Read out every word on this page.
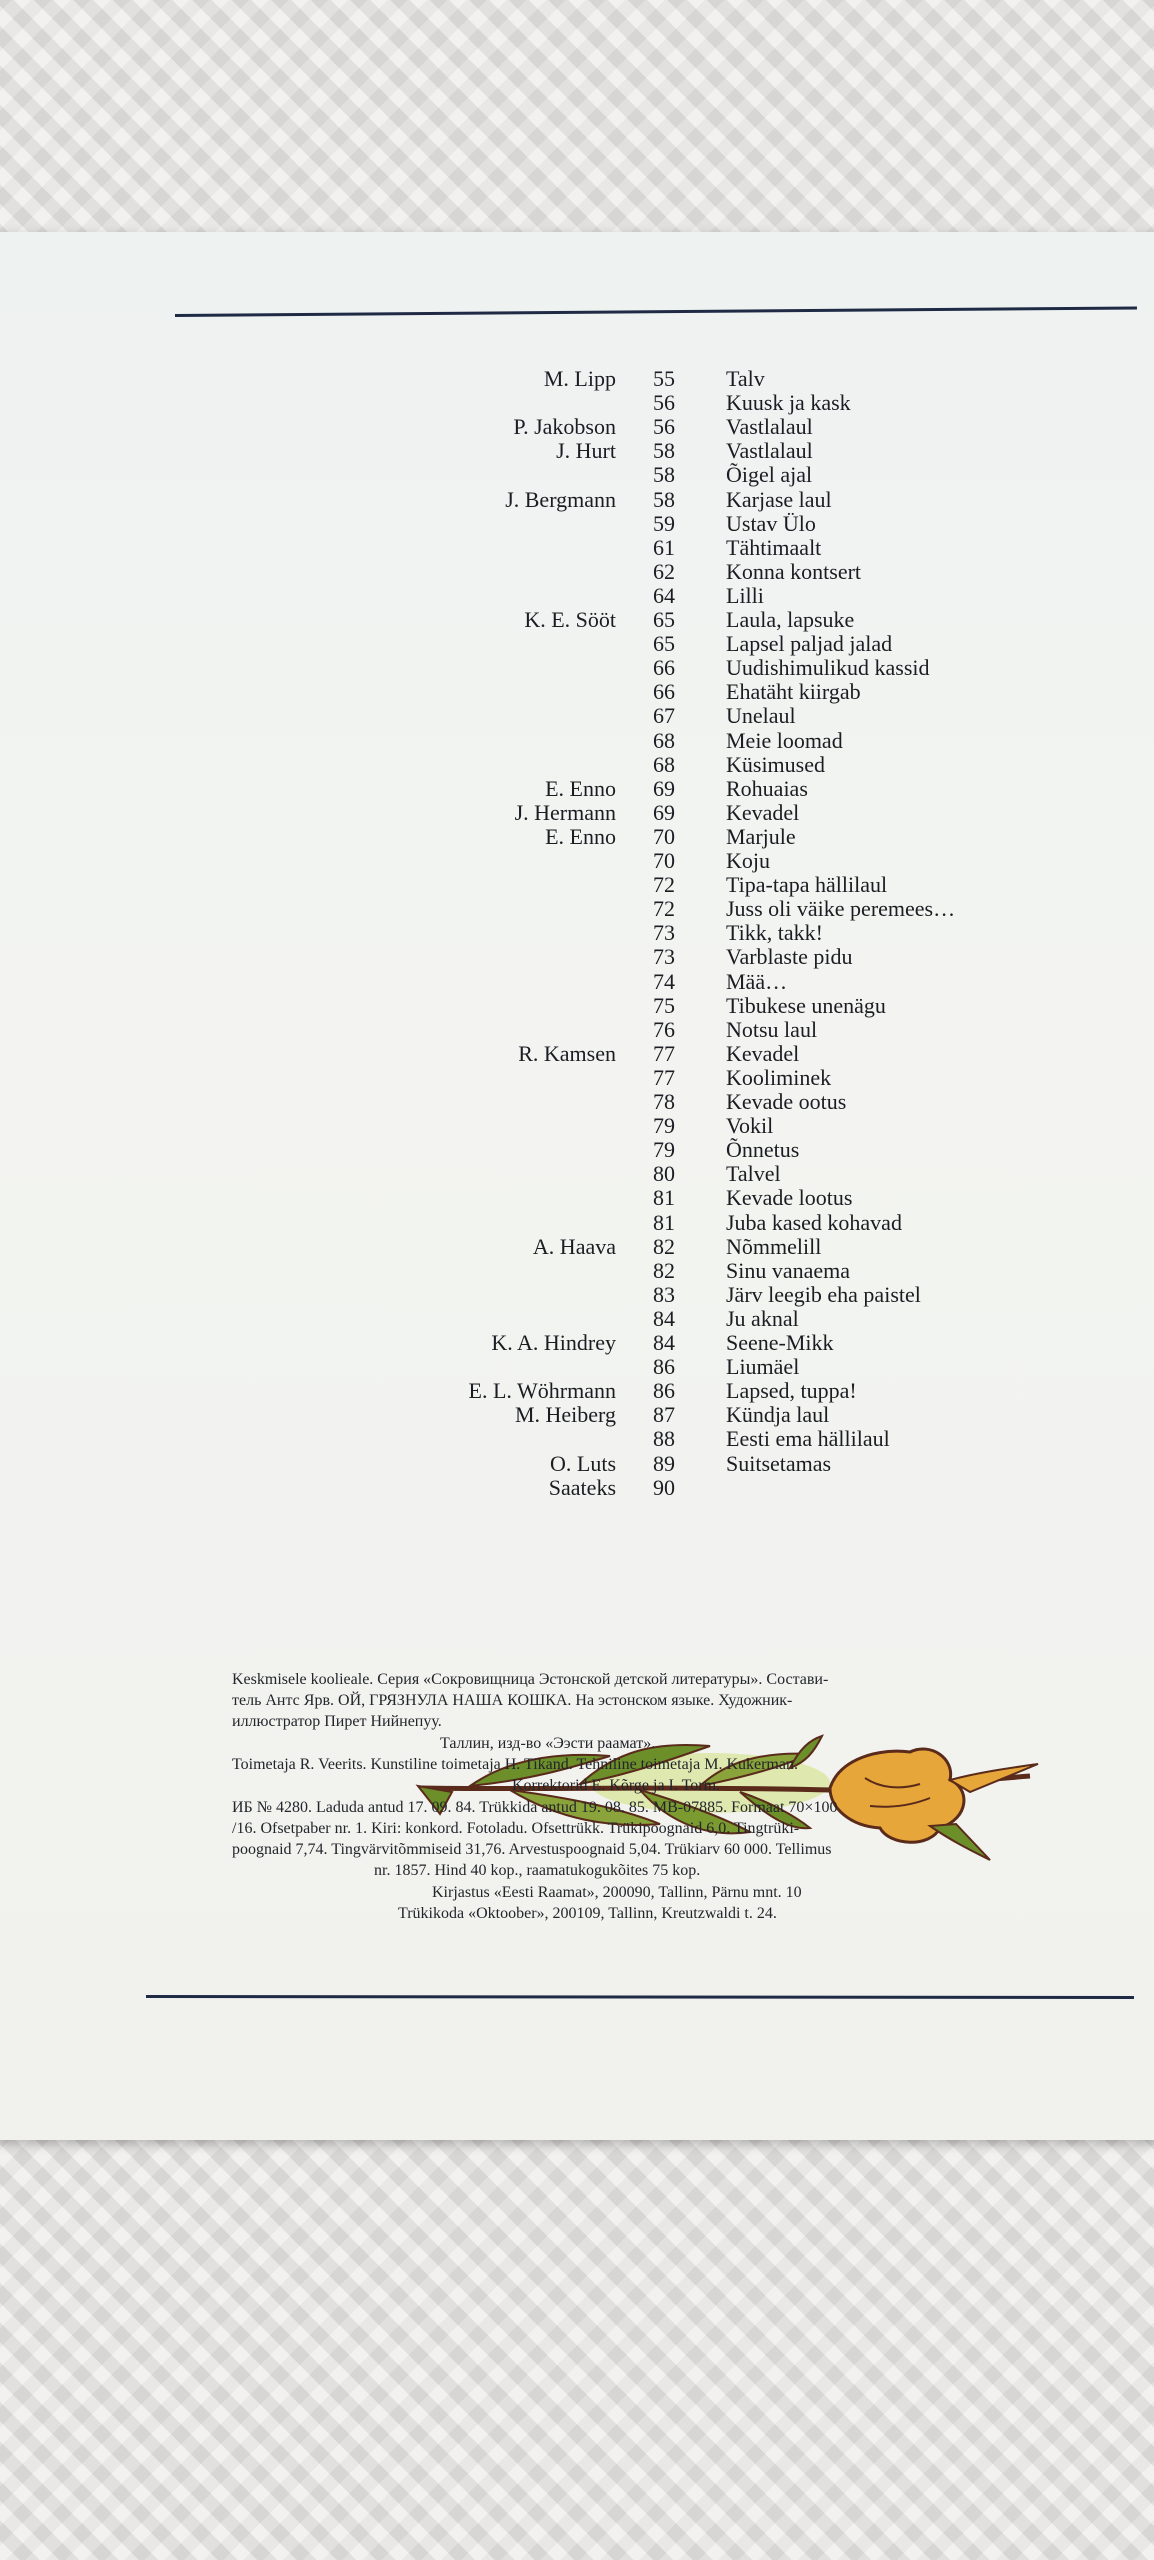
M. Lipp 55 Talv
56 Kuusk ja kask
P. Jakobson 56 Vastlalaul
J. Hurt 58 Vastlalaul
58 Õigel ajal
J. Bergmann 58 Karjase laul
59 Ustav Ülo
61 Tähtimaalt
62 Konna kontsert
64 Lilli
K. E. Sööt 65 Laula, lapsuke
65 Lapsel paljad jalad
66 Uudishimulikud kassid
66 Ehatäht kiirgab
67 Unelaul
68 Meie loomad
68 Küsimused
E. Enno 69 Rohuaias
J. Hermann 69 Kevadel
E. Enno 70 Marjule
70 Koju
72 Tipa-tapa hällilaul
72 Juss oli väike peremees…
73 Tikk, takk!
73 Varblaste pidu
74 Mää…
75 Tibukese unenägu
76 Notsu laul
R. Kamsen 77 Kevadel
77 Kooliminek
78 Kevade ootus
79 Vokil
79 Õnnetus
80 Talvel
81 Kevade lootus
81 Juba kased kohavad
A. Haava 82 Nõmmelill
82 Sinu vanaema
83 Järv leegib eha paistel
84 Ju aknal
K. A. Hindrey 84 Seene-Mikk
86 Liumäel
E. L. Wöhrmann 86 Lapsed, tuppa!
M. Heiberg 87 Kündja laul
88 Eesti ema hällilaul
O. Luts 89 Suitsetamas
Saateks 90
Keskmisele koolieale. Серия «Сокровищница Эстонской детской литературы». Состави-
тель Антс Ярв. ОЙ, ГРЯЗНУЛА НАША КОШКА. На эстонском языке. Художник-
иллюстратор Пирет Нийнепуу.
Таллин, изд-во «Ээсти раамат».
Toimetaja R. Veerits. Kunstiline toimetaja H. Tikand. Tehniline toimetaja M. Kukerman.
Korrektorid E. Kõrge ja I. Torm.
ИБ № 4280. Laduda antud 17. 09. 84. Trükkida antud 19. 08. 85. MB-07885. Formaat 70×100
/16. Ofsetpaber nr. 1. Kiri: konkord. Fotoladu. Ofsettrükk. Trükipoognaid 6,0. Tingtrüki-
poognaid 7,74. Tingvärvitõmmiseid 31,76. Arvestuspoognaid 5,04. Trükiarv 60 000. Tellimus
nr. 1857. Hind 40 kop., raamatukogukõites 75 kop.
Kirjastus «Eesti Raamat», 200090, Tallinn, Pärnu mnt. 10
Trükikoda «Oktoober», 200109, Tallinn, Kreutzwaldi t. 24.
